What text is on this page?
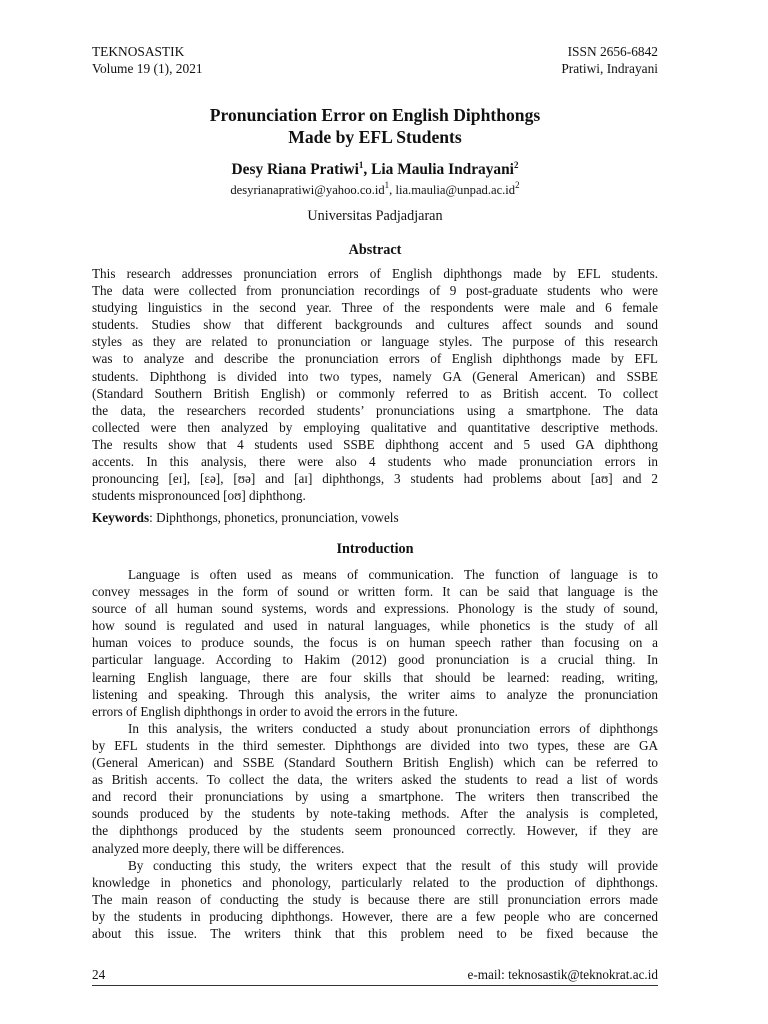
TEKNOSASTIK
Volume 19 (1), 2021
ISSN 2656-6842
Pratiwi, Indrayani
Pronunciation Error on English Diphthongs
Made by EFL Students
Desy Riana Pratiwi$^1$, Lia Maulia Indrayani$^2$
$desyrianapratiwi@yahoo.co.id^1$, $lia.maulia@unpad.ac.id^2$
Universitas Padjadjaran
Abstract
This research addresses pronunciation errors of English diphthongs made by EFL students.
The data were collected from pronunciation recordings of 9 post-graduate students who were
studying linguistics in the second year. Three of the respondents were male and 6 female
students. Studies show that different backgrounds and cultures affect sounds and sound
styles as they are related to pronunciation or language styles. The purpose of this research
was to analyze and describe the pronunciation errors of English diphthongs made by EFL
students. Diphthong is divided into two types, namely GA (General American) and SSBE
(Standard Southern British English) or commonly referred to as British accent. To collect
the data, the researchers recorded students’ pronunciations using a smartphone. The data
collected were then analyzed by employing qualitative and quantitative descriptive methods.
The results show that 4 students used SSBE diphthong accent and 5 used GA diphthong
accents. In this analysis, there were also 4 students who made pronunciation errors in
pronouncing [eɪ], [ɛə], [ʊə] and [aɪ] diphthongs, 3 students had problems about [aʊ] and 2
students mispronounced [oʊ] diphthong.
Keywords: Diphthongs, phonetics, pronunciation, vowels
Introduction
Language is often used as means of communication. The function of language is to
convey messages in the form of sound or written form. It can be said that language is the
source of all human sound systems, words and expressions. Phonology is the study of sound,
how sound is regulated and used in natural languages, while phonetics is the study of all
human voices to produce sounds, the focus is on human speech rather than focusing on a
particular language. According to Hakim (2012) good pronunciation is a crucial thing. In
learning English language, there are four skills that should be learned: reading, writing,
listening and speaking. Through this analysis, the writer aims to analyze the pronunciation
errors of English diphthongs in order to avoid the errors in the future.
In this analysis, the writers conducted a study about pronunciation errors of diphthongs
by EFL students in the third semester. Diphthongs are divided into two types, these are GA
(General American) and SSBE (Standard Southern British English) which can be referred to
as British accents. To collect the data, the writers asked the students to read a list of words
and record their pronunciations by using a smartphone. The writers then transcribed the
sounds produced by the students by note-taking methods. After the analysis is completed,
the diphthongs produced by the students seem pronounced correctly. However, if they are
analyzed more deeply, there will be differences.
By conducting this study, the writers expect that the result of this study will provide
knowledge in phonetics and phonology, particularly related to the production of diphthongs.
The main reason of conducting the study is because there are still pronunciation errors made
by the students in producing diphthongs. However, there are a few people who are concerned
about this issue. The writers think that this problem need to be fixed because the
24	e-mail: teknosastik@teknokrat.ac.id
